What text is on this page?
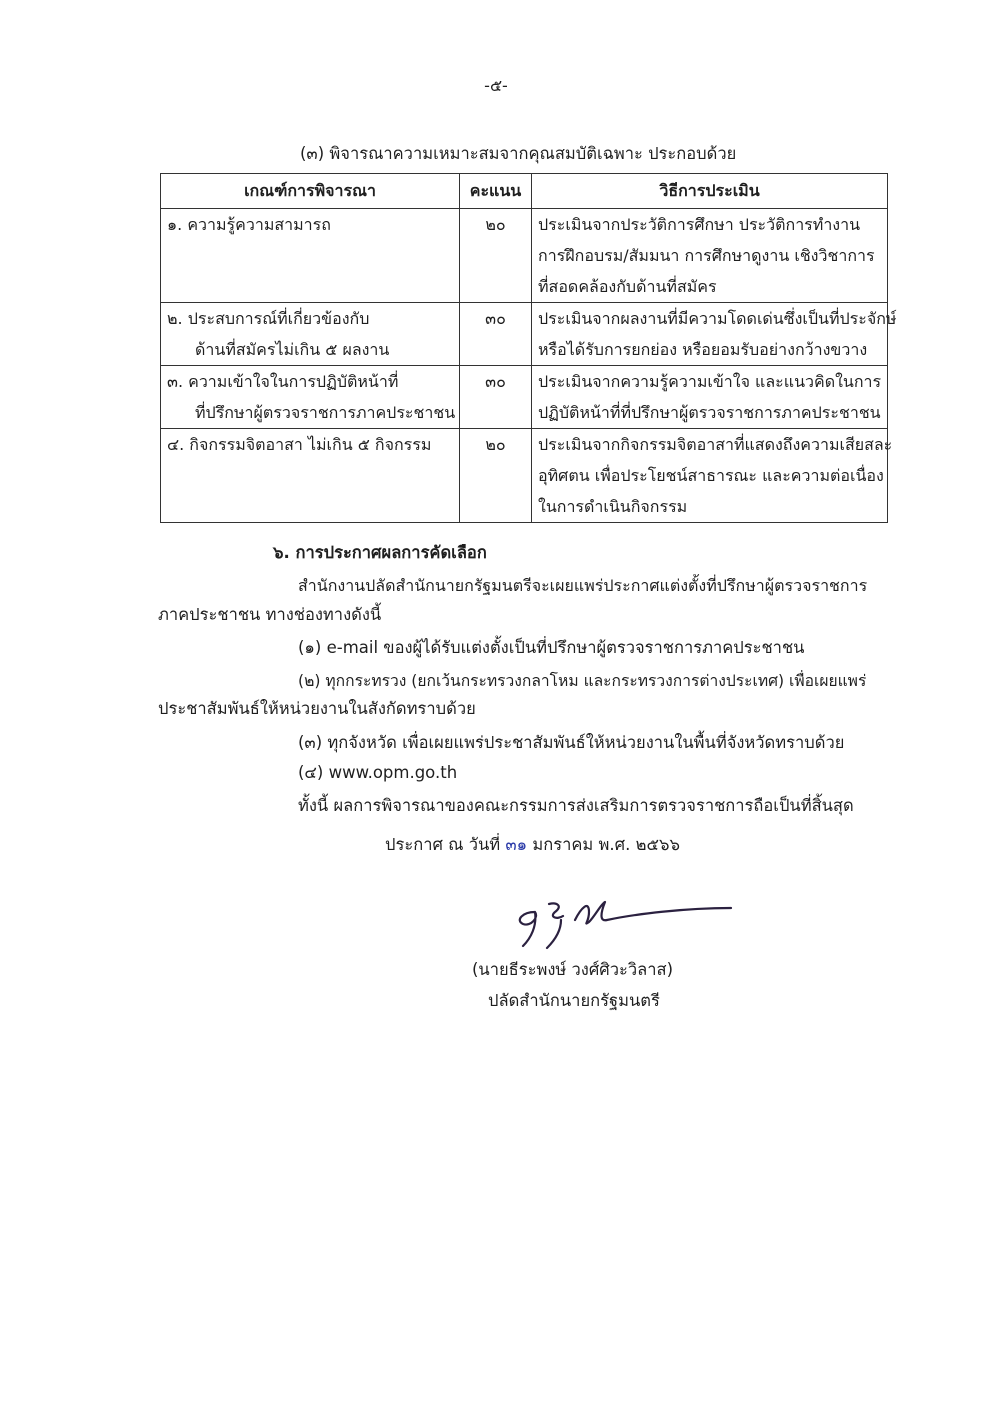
-๕-
(๓) พิจารณาความเหมาะสมจากคุณสมบัติเฉพาะ ประกอบด้วย
เกณฑ์การพิจารณา	คะแนน	วิธีการประเมิน

๑. ความรู้ความสามารถ	๒๐	ประเมินจากประวัติการศึกษา ประวัติการทำงาน
การฝึกอบรม/สัมมนา การศึกษาดูงาน เชิงวิชาการ
ที่สอดคล้องกับด้านที่สมัคร

๒. ประสบการณ์ที่เกี่ยวข้องกับ
ด้านที่สมัครไม่เกิน ๕ ผลงาน	๓๐	ประเมินจากผลงานที่มีความโดดเด่นซึ่งเป็นที่ประจักษ์
หรือได้รับการยกย่อง หรือยอมรับอย่างกว้างขวาง

๓. ความเข้าใจในการปฏิบัติหน้าที่
ที่ปรึกษาผู้ตรวจราชการภาคประชาชน	๓๐	ประเมินจากความรู้ความเข้าใจ และแนวคิดในการ
ปฏิบัติหน้าที่ที่ปรึกษาผู้ตรวจราชการภาคประชาชน

๔. กิจกรรมจิตอาสา ไม่เกิน ๕ กิจกรรม	๒๐	ประเมินจากกิจกรรมจิตอาสาที่แสดงถึงความเสียสละ
อุทิศตน เพื่อประโยชน์สาธารณะ และความต่อเนื่อง
ในการดำเนินกิจกรรม
๖. การประกาศผลการคัดเลือก
สำนักงานปลัดสำนักนายกรัฐมนตรีจะเผยแพร่ประกาศแต่งตั้งที่ปรึกษาผู้ตรวจราชการ
ภาคประชาชน ทางช่องทางดังนี้
(๑) e-mail ของผู้ได้รับแต่งตั้งเป็นที่ปรึกษาผู้ตรวจราชการภาคประชาชน
(๒) ทุกกระทรวง (ยกเว้นกระทรวงกลาโหม และกระทรวงการต่างประเทศ) เพื่อเผยแพร่
ประชาสัมพันธ์ให้หน่วยงานในสังกัดทราบด้วย
(๓) ทุกจังหวัด เพื่อเผยแพร่ประชาสัมพันธ์ให้หน่วยงานในพื้นที่จังหวัดทราบด้วย
(๔) www.opm.go.th
ทั้งนี้ ผลการพิจารณาของคณะกรรมการส่งเสริมการตรวจราชการถือเป็นที่สิ้นสุด
ประกาศ ณ วันที่ ๓๑ มกราคม พ.ศ. ๒๕๖๖
(นายธีระพงษ์ วงศ์ศิวะวิลาส)
ปลัดสำนักนายกรัฐมนตรี
